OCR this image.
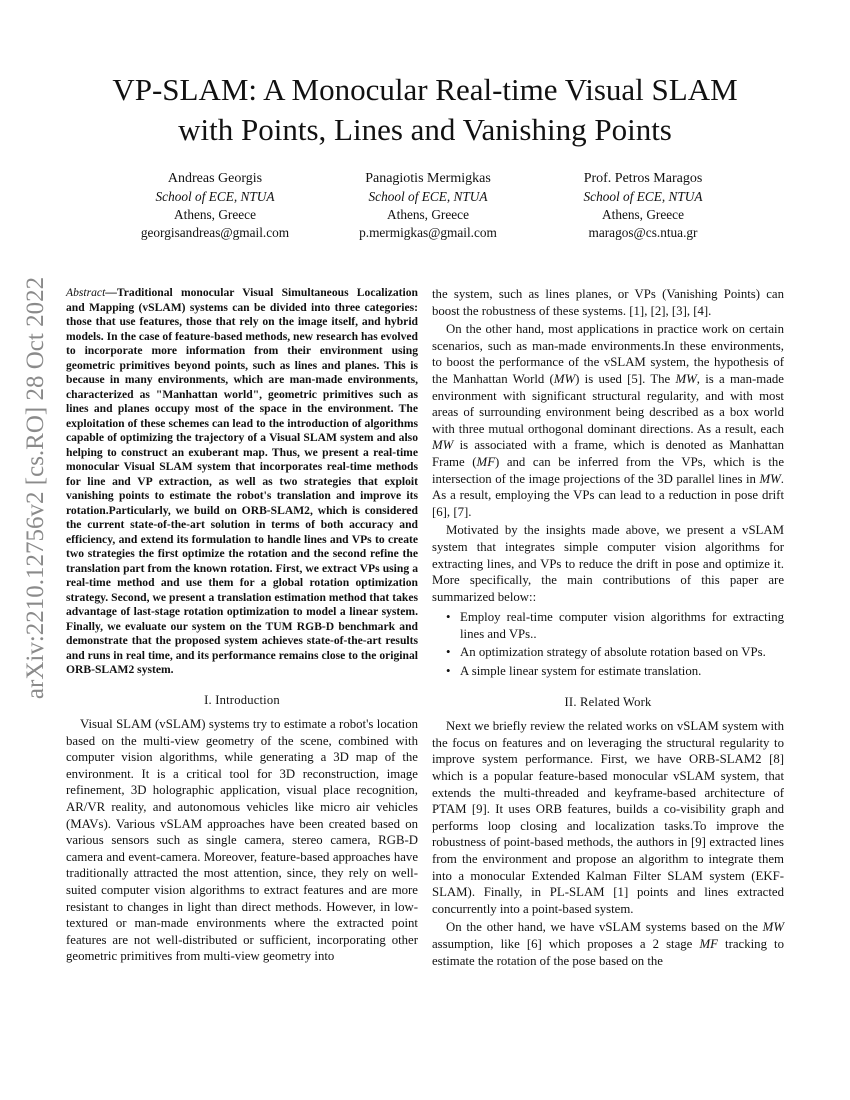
arXiv:2210.12756v2 [cs.RO] 28 Oct 2022
VP-SLAM: A Monocular Real-time Visual SLAM
with Points, Lines and Vanishing Points
Andreas Georgis
School of ECE, NTUA
Athens, Greece
georgisandreas@gmail.com
Panagiotis Mermigkas
School of ECE, NTUA
Athens, Greece
p.mermigkas@gmail.com
Prof. Petros Maragos
School of ECE, NTUA
Athens, Greece
maragos@cs.ntua.gr

Abstract—Traditional monocular Visual Simultaneous Localization and Mapping (vSLAM) systems can be divided into three categories: those that use features, those that rely on the image itself, and hybrid models. In the case of feature-based methods, new research has evolved to incorporate more information from their environment using geometric primitives beyond points, such as lines and planes. This is because in many environments, which are man-made environments, characterized as "Manhattan world", geometric primitives such as lines and planes occupy most of the space in the environment. The exploitation of these schemes can lead to the introduction of algorithms capable of optimizing the trajectory of a Visual SLAM system and also helping to construct an exuberant map. Thus, we present a real-time monocular Visual SLAM system that incorporates real-time methods for line and VP extraction, as well as two strategies that exploit vanishing points to estimate the robot's translation and improve its rotation.Particularly, we build on ORB-SLAM2, which is considered the current state-of-the-art solution in terms of both accuracy and efficiency, and extend its formulation to handle lines and VPs to create two strategies the first optimize the rotation and the second refine the translation part from the known rotation. First, we extract VPs using a real-time method and use them for a global rotation optimization strategy. Second, we present a translation estimation method that takes advantage of last-stage rotation optimization to model a linear system. Finally, we evaluate our system on the TUM RGB-D benchmark and demonstrate that the proposed system achieves state-of-the-art results and runs in real time, and its performance remains close to the original ORB-SLAM2 system.

I. Introduction

Visual SLAM (vSLAM) systems try to estimate a robot's location based on the multi-view geometry of the scene, combined with computer vision algorithms, while generating a 3D map of the environment. It is a critical tool for 3D reconstruction, image refinement, 3D holographic application, visual place recognition, AR/VR reality, and autonomous vehicles like micro air vehicles (MAVs). Various vSLAM approaches have been created based on various sensors such as single camera, stereo camera, RGB-D camera and event-camera. Moreover, feature-based approaches have traditionally attracted the most attention, since, they rely on well-suited computer vision algorithms to extract features and are more resistant to changes in light than direct methods. However, in low-textured or man-made environments where the extracted point features are not well-distributed or sufficient, incorporating other geometric primitives from multi-view geometry into

the system, such as lines planes, or VPs (Vanishing Points) can boost the robustness of these systems. [1], [2], [3], [4].

On the other hand, most applications in practice work on certain scenarios, such as man-made environments.In these environments, to boost the performance of the vSLAM system, the hypothesis of the Manhattan World (MW) is used [5]. The MW, is a man-made environment with significant structural regularity, and with most areas of surrounding environment being described as a box world with three mutual orthogonal dominant directions. As a result, each MW is associated with a frame, which is denoted as Manhattan Frame (MF) and can be inferred from the VPs, which is the intersection of the image projections of the 3D parallel lines in MW. As a result, employing the VPs can lead to a reduction in pose drift [6], [7].

Motivated by the insights made above, we present a vSLAM system that integrates simple computer vision algorithms for extracting lines, and VPs to reduce the drift in pose and optimize it. More specifically, the main contributions of this paper are summarized below::

• Employ real-time computer vision algorithms for extracting lines and VPs..
• An optimization strategy of absolute rotation based on VPs.
• A simple linear system for estimate translation.
II. Related Work

Next we briefly review the related works on vSLAM system with the focus on features and on leveraging the structural regularity to improve system performance. First, we have ORB-SLAM2 [8] which is a popular feature-based monocular vSLAM system, that extends the multi-threaded and keyframe-based architecture of PTAM [9]. It uses ORB features, builds a co-visibility graph and performs loop closing and localization tasks.To improve the robustness of point-based methods, the authors in [9] extracted lines from the environment and propose an algorithm to integrate them into a monocular Extended Kalman Filter SLAM system (EKF-SLAM). Finally, in PL-SLAM [1] points and lines extracted concurrently into a point-based system.

On the other hand, we have vSLAM systems based on the MW assumption, like [6] which proposes a 2 stage MF tracking to estimate the rotation of the pose based on the
